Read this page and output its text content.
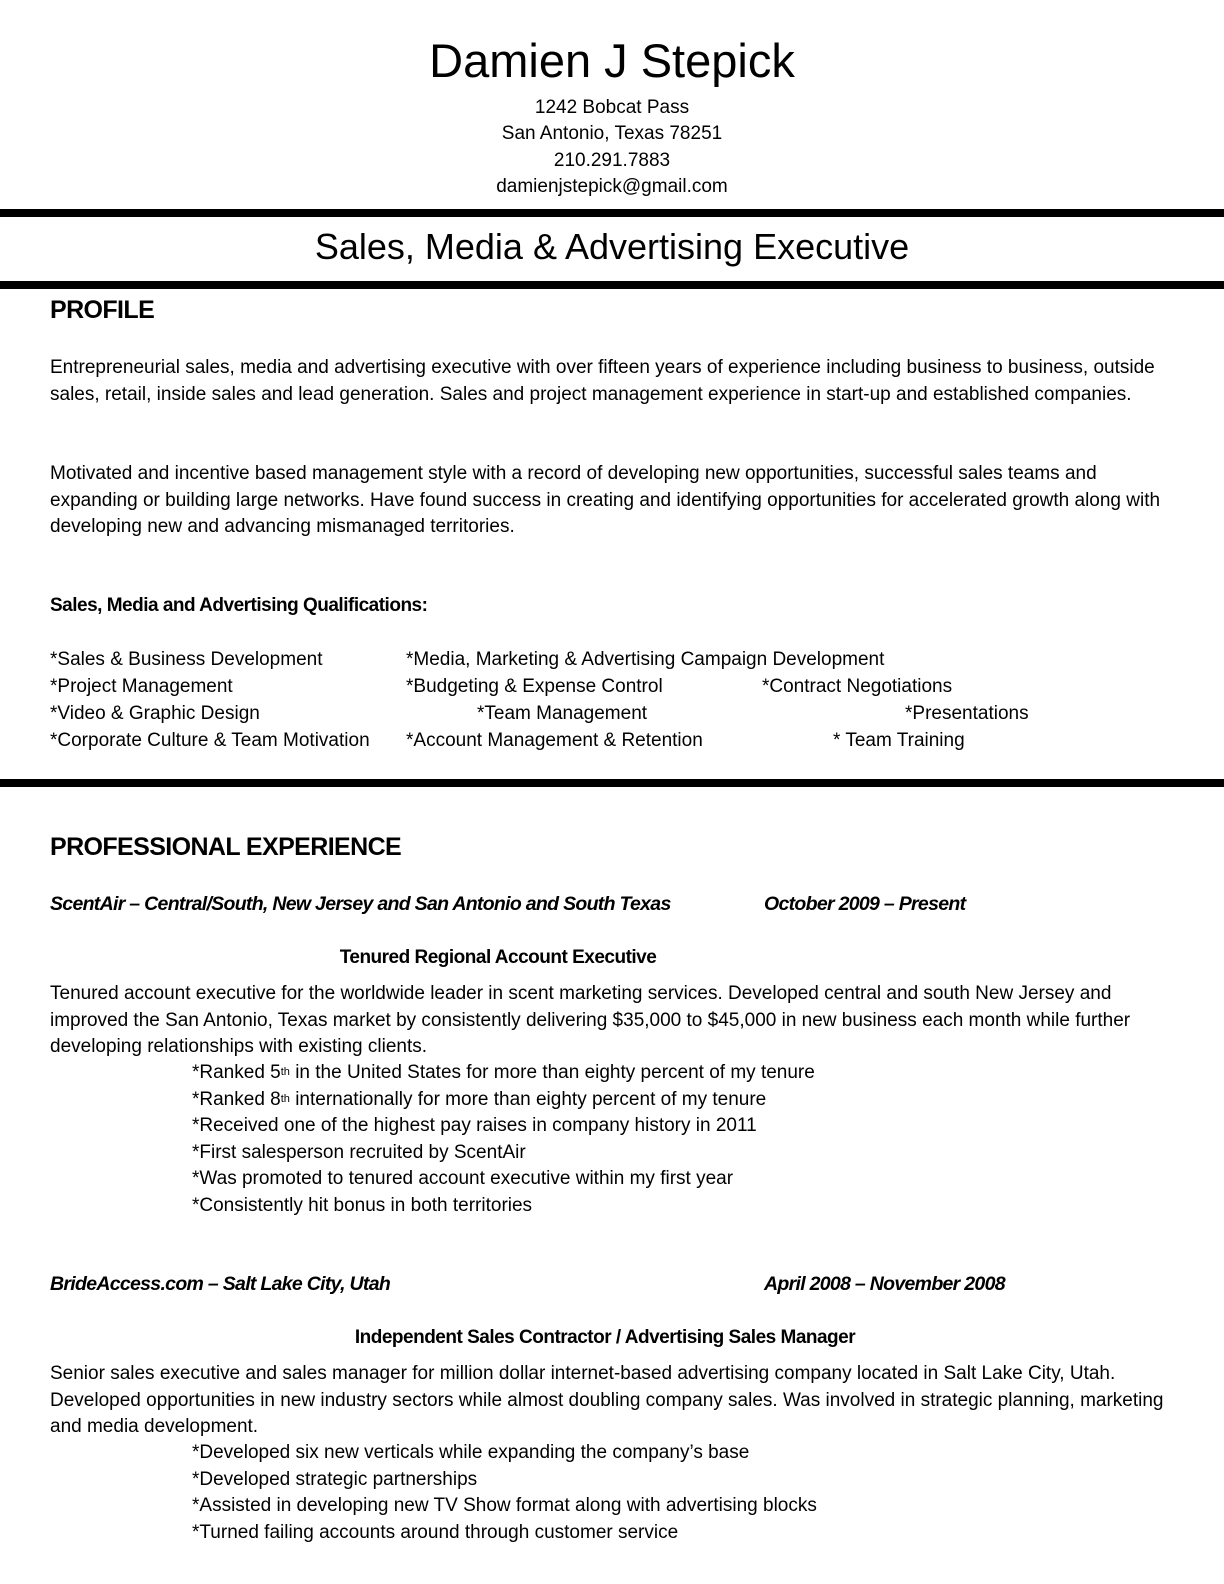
Damien J Stepick
1242 Bobcat Pass
San Antonio, Texas 78251
210.291.7883
damienjstepick@gmail.com
Sales, Media & Advertising Executive
PROFILE
Entrepreneurial sales, media and advertising executive with over fifteen years of experience including business to business, outside sales, retail, inside sales and lead generation. Sales and project management experience in start-up and established companies.
Motivated and incentive based management style with a record of developing new opportunities, successful sales teams and expanding or building large networks. Have found success in creating and identifying opportunities for accelerated growth along with developing new and advancing mismanaged territories.
Sales, Media and Advertising Qualifications:
*Sales & Business Development	*Media, Marketing & Advertising Campaign Development
*Project Management	*Budgeting & Expense Control	*Contract Negotiations
*Video & Graphic Design	*Team Management	*Presentations
*Corporate Culture & Team Motivation *Account Management & Retention	* Team Training
PROFESSIONAL EXPERIENCE
ScentAir – Central/South, New Jersey and San Antonio and South Texas	October 2009 – Present
Tenured Regional Account Executive
Tenured account executive for the worldwide leader in scent marketing services. Developed central and south New Jersey and improved the San Antonio, Texas market by consistently delivering $35,000 to $45,000 in new business each month while further developing relationships with existing clients.
*Ranked 5th in the United States for more than eighty percent of my tenure
*Ranked 8th internationally for more than eighty percent of my tenure
*Received one of the highest pay raises in company history in 2011
*First salesperson recruited by ScentAir
*Was promoted to tenured account executive within my first year
*Consistently hit bonus in both territories
BrideAccess.com – Salt Lake City, Utah	April 2008 – November 2008
Independent Sales Contractor / Advertising Sales Manager
Senior sales executive and sales manager for million dollar internet-based advertising company located in Salt Lake City, Utah. Developed opportunities in new industry sectors while almost doubling company sales. Was involved in strategic planning, marketing and media development.
*Developed six new verticals while expanding the company’s base
*Developed strategic partnerships
*Assisted in developing new TV Show format along with advertising blocks
*Turned failing accounts around through customer service
